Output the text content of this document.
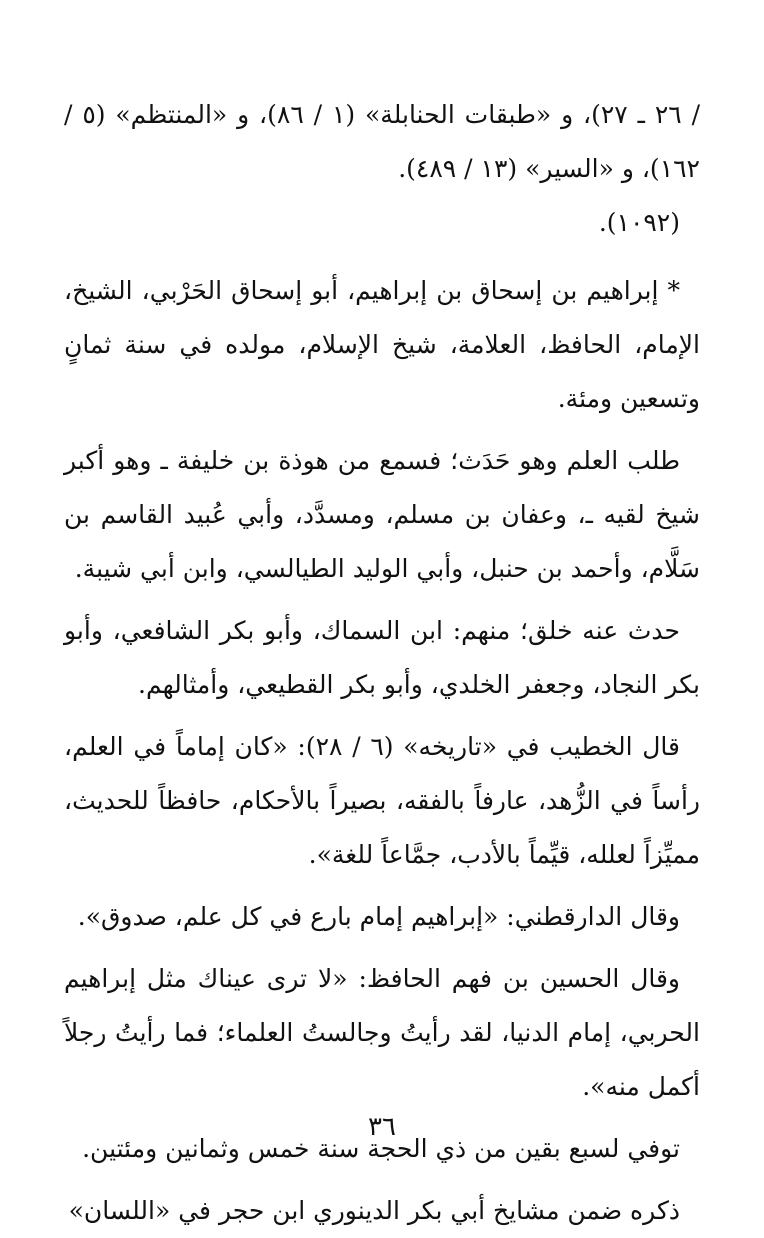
/ ٢٦ ـ ٢٧)، و «طبقات الحنابلة» (١ / ٨٦)، و «المنتظم» (٥ / ١٦٢)، و «السير» (١٣ / ٤٨٩).

(١٠٩٢).

* إبراهيم بن إسحاق بن إبراهيم، أبو إسحاق الحَرْبي، الشيخ، الإمام، الحافظ، العلامة، شيخ الإسلام، مولده في سنة ثمانٍ وتسعين ومئة.

طلب العلم وهو حَدَث؛ فسمع من هوذة بن خليفة ـ وهو أكبر شيخ لقيه ـ، وعفان بن مسلم، ومسدَّد، وأبي عُبيد القاسم بن سَلَّام، وأحمد بن حنبل، وأبي الوليد الطيالسي، وابن أبي شيبة.

حدث عنه خلق؛ منهم: ابن السماك، وأبو بكر الشافعي، وأبو بكر النجاد، وجعفر الخلدي، وأبو بكر القطيعي، وأمثالهم.

قال الخطيب في «تاريخه» (٦ / ٢٨): «كان إماماً في العلم، رأساً في الزُّهد، عارفاً بالفقه، بصيراً بالأحكام، حافظاً للحديث، مميِّزاً لعلله، قيِّماً بالأدب، جمَّاعاً للغة».

وقال الدارقطني: «إبراهيم إمام بارع في كل علم، صدوق».

وقال الحسين بن فهم الحافظ: «لا ترى عيناك مثل إبراهيم الحربي، إمام الدنيا، لقد رأيتُ وجالستُ العلماء؛ فما رأيتُ رجلاً أكمل منه».

توفي لسبع بقين من ذي الحجة سنة خمس وثمانين ومئتين.

ذكره ضمن مشايخ أبي بكر الدينوري ابن حجر في «اللسان»

٣٦
